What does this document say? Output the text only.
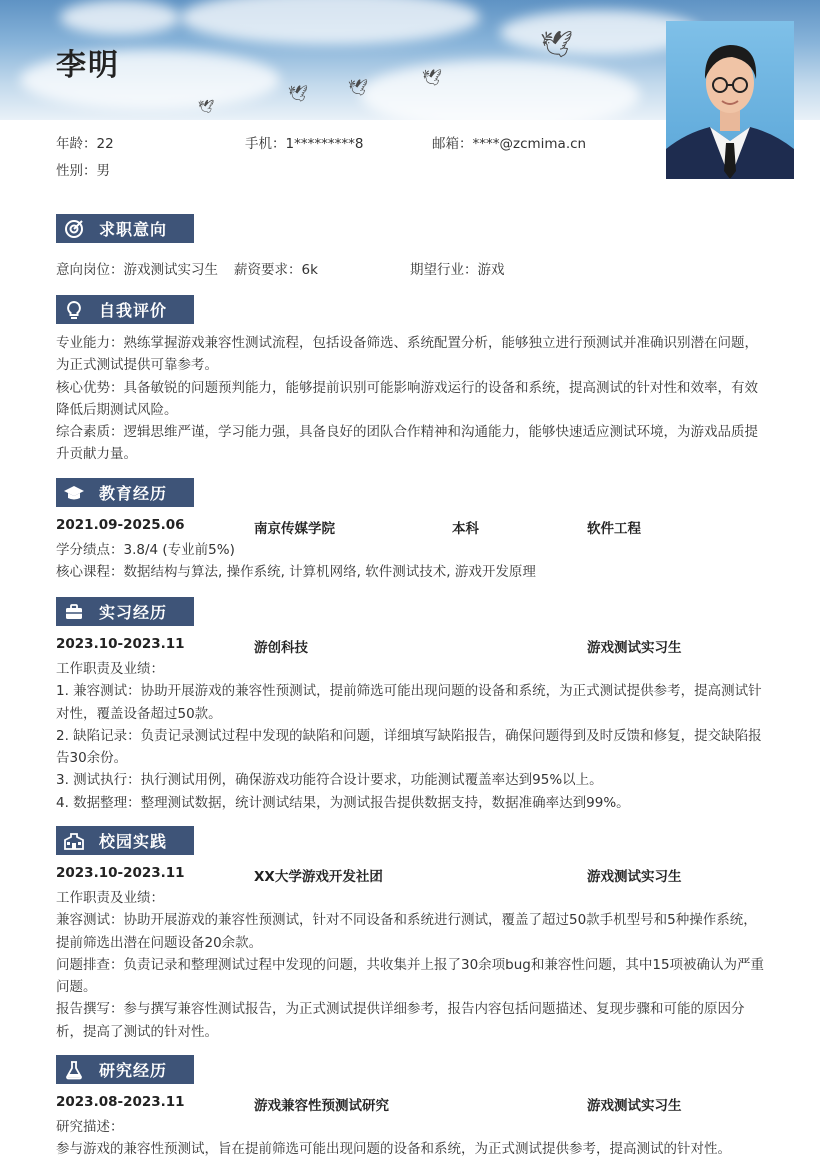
🕊
🕊 🕊
🕊
🕊
李明
年龄：22	手机：1*********8	邮箱：****@zcmima.cn
性别：男
求职意向
意向岗位：游戏测试实习生 薪资要求：6k	期望行业：游戏
自我评价

专业能力：熟练掌握游戏兼容性测试流程，包括设备筛选、系统配置分析，能够独立进行预测试并准确识别潜在问题，为正式测试提供可靠参考。

核心优势：具备敏锐的问题预判能力，能够提前识别可能影响游戏运行的设备和系统，提高测试的针对性和效率，有效降低后期测试风险。

综合素质：逻辑思维严谨，学习能力强，具备良好的团队合作精神和沟通能力，能够快速适应测试环境，为游戏品质提升贡献力量。

教育经历
2021.09-2025.06	南京传媒学院	本科	软件工程
学分绩点：3.8/4 (专业前5%)
核心课程：数据结构与算法, 操作系统, 计算机网络, 软件测试技术, 游戏开发原理
实习经历
2023.10-2023.11	游创科技	游戏测试实习生

工作职责及业绩：

1. 兼容测试：协助开展游戏的兼容性预测试，提前筛选可能出现问题的设备和系统，为正式测试提供参考，提高测试针对性，覆盖设备超过50款。

2. 缺陷记录：负责记录测试过程中发现的缺陷和问题，详细填写缺陷报告，确保问题得到及时反馈和修复，提交缺陷报告30余份。

3. 测试执行：执行测试用例，确保游戏功能符合设计要求，功能测试覆盖率达到95%以上。

4. 数据整理：整理测试数据，统计测试结果，为测试报告提供数据支持，数据准确率达到99%。

校园实践
2023.10-2023.11	XX大学游戏开发社团	游戏测试实习生

工作职责及业绩：

兼容测试：协助开展游戏的兼容性预测试，针对不同设备和系统进行测试，覆盖了超过50款手机型号和5种操作系统，提前筛选出潜在问题设备20余款。

问题排查：负责记录和整理测试过程中发现的问题，共收集并上报了30余项bug和兼容性问题，其中15项被确认为严重问题。

报告撰写：参与撰写兼容性测试报告，为正式测试提供详细参考，报告内容包括问题描述、复现步骤和可能的原因分析，提高了测试的针对性。

研究经历
2023.08-2023.11	游戏兼容性预测试研究	游戏测试实习生
研究描述：
参与游戏的兼容性预测试，旨在提前筛选可能出现问题的设备和系统，为正式测试提供参考，提高测试的针对性。
